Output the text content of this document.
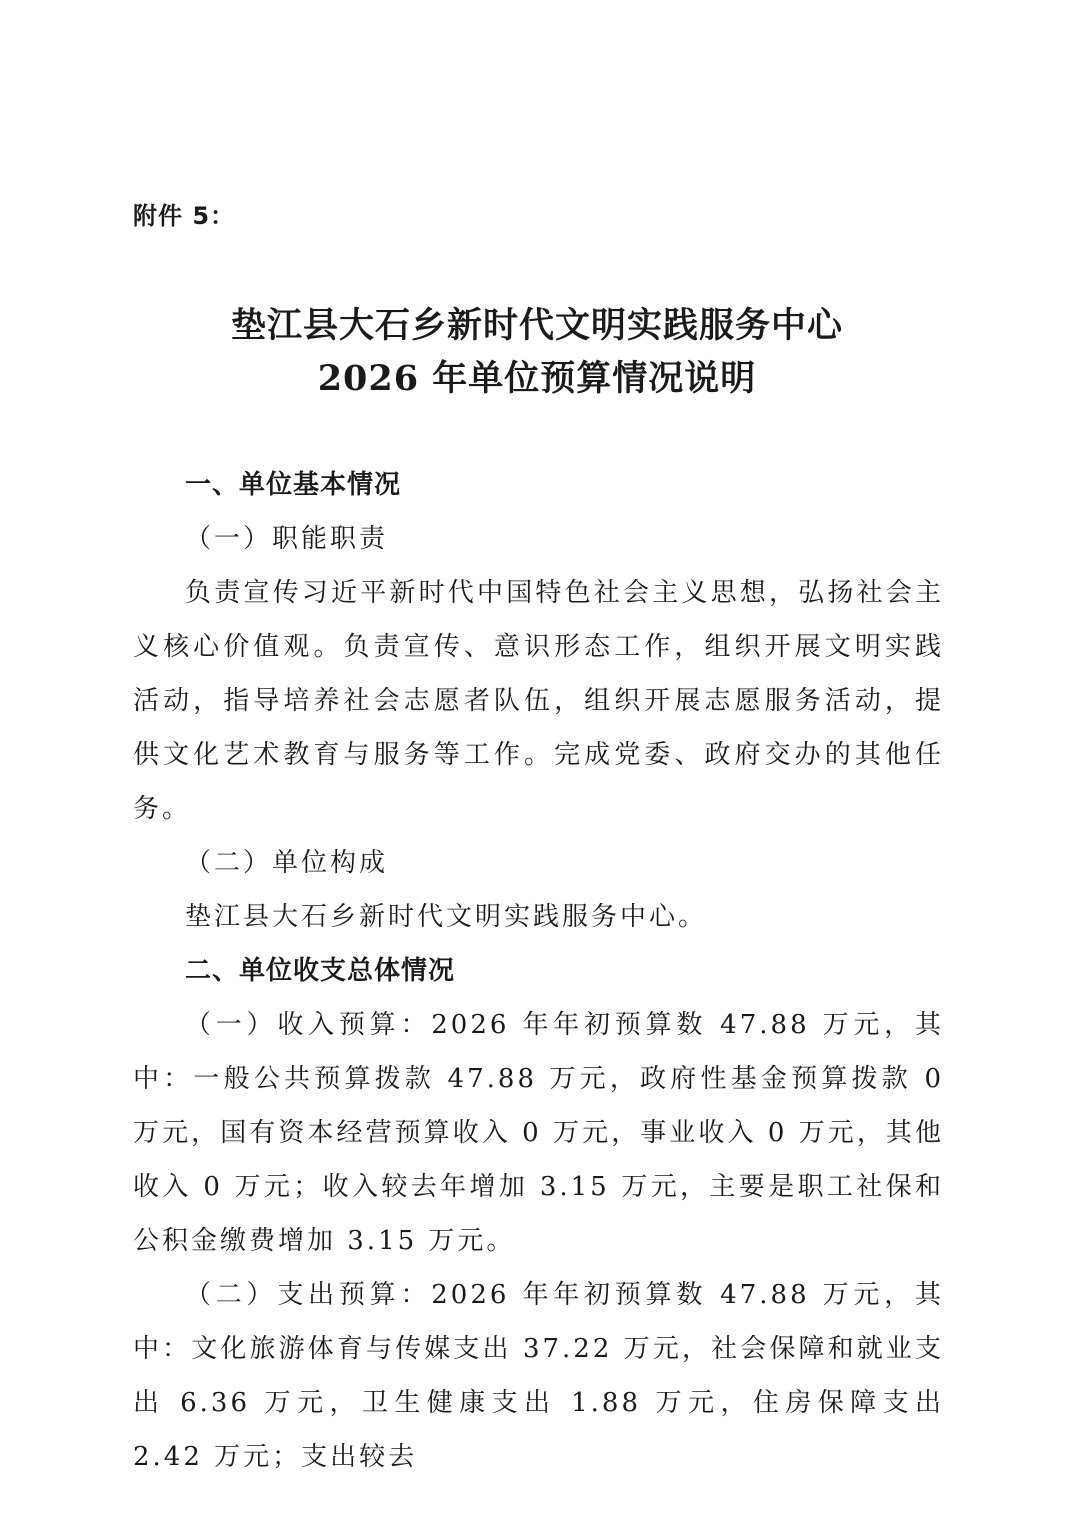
附件 5：
垫江县大石乡新时代文明实践服务中心
2026 年单位预算情况说明

一、单位基本情况

（一）职能职责

负责宣传习近平新时代中国特色社会主义思想，弘扬社会主义核心价值观。负责宣传、意识形态工作，组织开展文明实践活动，指导培养社会志愿者队伍，组织开展志愿服务活动，提供文化艺术教育与服务等工作。完成党委、政府交办的其他任务。

（二）单位构成

垫江县大石乡新时代文明实践服务中心。

二、单位收支总体情况

（一）收入预算：2026 年年初预算数 47.88 万元，其中：一般公共预算拨款 47.88 万元，政府性基金预算拨款 0 万元，国有资本经营预算收入 0 万元，事业收入 0 万元，其他收入 0 万元；收入较去年增加 3.15 万元，主要是职工社保和公积金缴费增加 3.15 万元。

（二）支出预算：2026 年年初预算数 47.88 万元，其中：文化旅游体育与传媒支出 37.22 万元，社会保障和就业支出 6.36 万元，卫生健康支出 1.88 万元，住房保障支出 2.42 万元；支出较去
